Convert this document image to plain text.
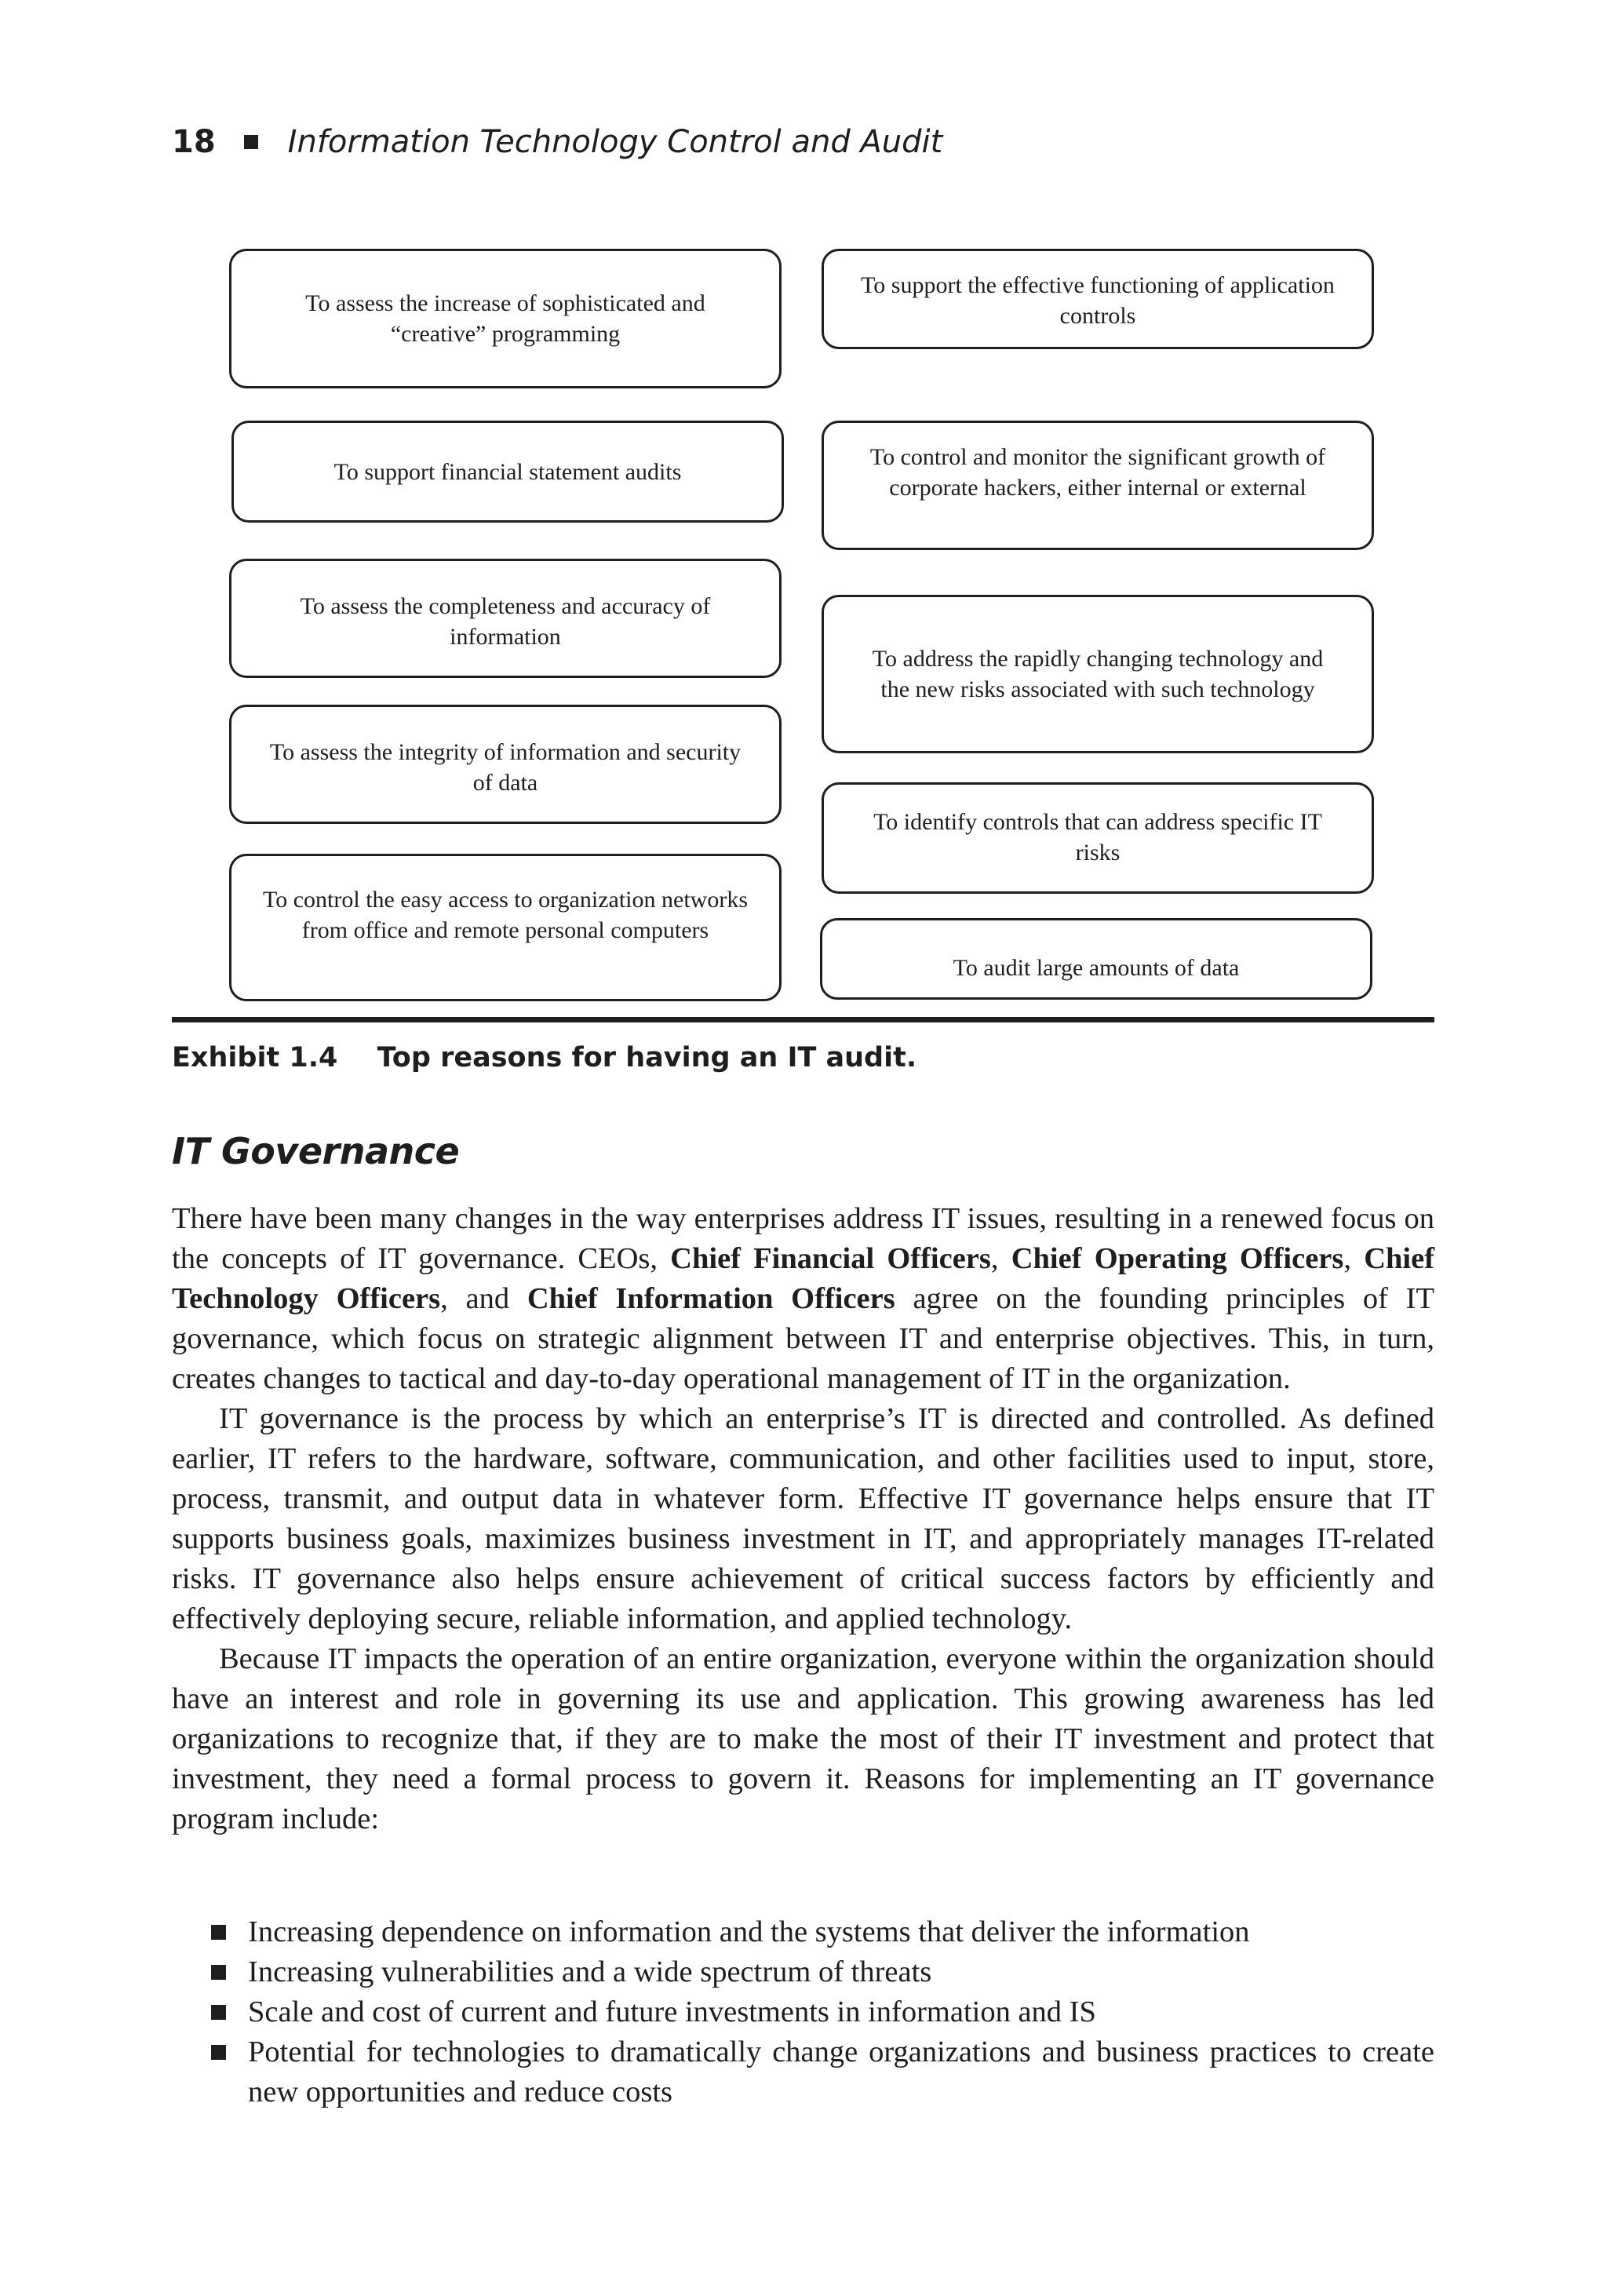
18 Information Technology Control and Audit
To assess the increase of sophisticated and “creative” programming
To support financial statement audits
To assess the completeness and accuracy of information
To assess the integrity of information and security of data
To control the easy access to organization networks from office and remote personal computers
To support the effective functioning of application controls
To control and monitor the significant growth of corporate hackers, either internal or external
To address the rapidly changing technology and the new risks associated with such technology
To identify controls that can address specific IT risks
To audit large amounts of data
Exhibit 1.4 Top reasons for having an IT audit.
IT Governance

There have been many changes in the way enterprises address IT issues, resulting in a renewed focus on the concepts of IT governance. CEOs, Chief Financial Officers, Chief Operating Officers, Chief Technology Officers, and Chief Information Officers agree on the founding principles of IT governance, which focus on strategic alignment between IT and enterprise objectives. This, in turn, creates changes to tactical and day-to-day operational management of IT in the organization.

IT governance is the process by which an enterprise’s IT is directed and controlled. As defined earlier, IT refers to the hardware, software, communication, and other facilities used to input, store, process, transmit, and output data in whatever form. Effective IT governance helps ensure that IT supports business goals, maximizes business investment in IT, and appropriately manages IT-related risks. IT governance also helps ensure achievement of critical success factors by efficiently and effectively deploying secure, reliable information, and applied technology.

Because IT impacts the operation of an entire organization, everyone within the organization should have an interest and role in governing its use and application. This growing awareness has led organizations to recognize that, if they are to make the most of their IT investment and protect that investment, they need a formal process to govern it. Reasons for implementing an IT governance program include:

Increasing dependence on information and the systems that deliver the information
Increasing vulnerabilities and a wide spectrum of threats
Scale and cost of current and future investments in information and IS
Potential for technologies to dramatically change organizations and business practices to create new opportunities and reduce costs
